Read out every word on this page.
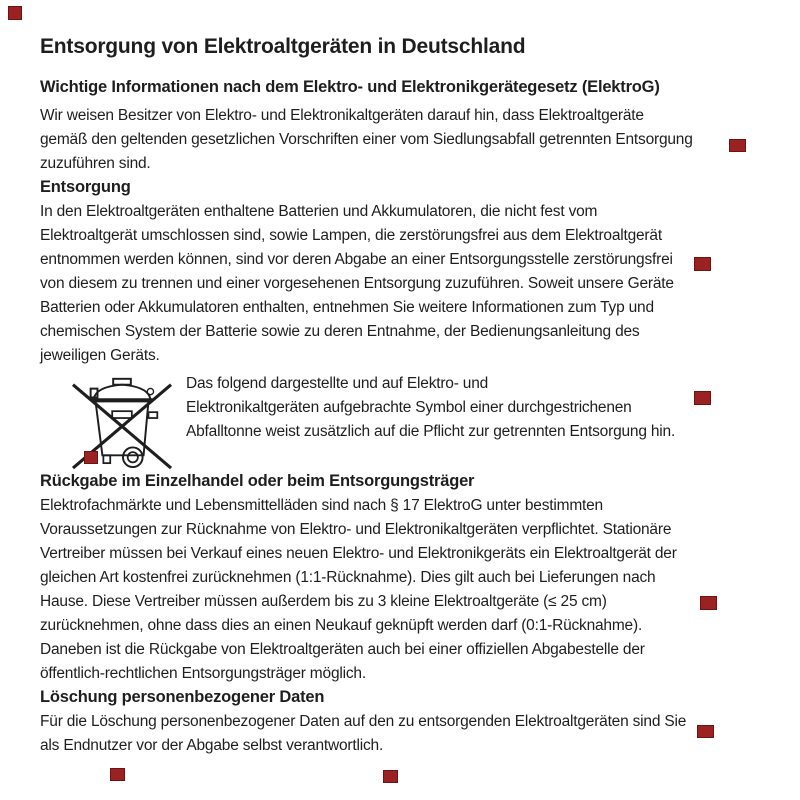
Entsorgung von Elektroaltgeräten in Deutschland
Wichtige Informationen nach dem Elektro- und Elektronikgerätegesetz (ElektroG)

Wir weisen Besitzer von Elektro- und Elektronikaltgeräten darauf hin, dass Elektroaltgeräte
gemäß den geltenden gesetzlichen Vorschriften einer vom Siedlungsabfall getrennten Entsorgung
zuzuführen sind.

Entsorgung

In den Elektroaltgeräten enthaltene Batterien und Akkumulatoren, die nicht fest vom
Elektroaltgerät umschlossen sind, sowie Lampen, die zerstörungsfrei aus dem Elektroaltgerät
entnommen werden können, sind vor deren Abgabe an einer Entsorgungsstelle zerstörungsfrei
von diesem zu trennen und einer vorgesehenen Entsorgung zuzuführen. Soweit unsere Geräte
Batterien oder Akkumulatoren enthalten, entnehmen Sie weitere Informationen zum Typ und
chemischen System der Batterie sowie zu deren Entnahme, der Bedienungsanleitung des
jeweiligen Geräts.

Das folgend dargestellte und auf Elektro- und
Elektronikaltgeräten aufgebrachte Symbol einer durchgestrichenen
Abfalltonne weist zusätzlich auf die Pflicht zur getrennten Entsorgung hin.
Rückgabe im Einzelhandel oder beim Entsorgungsträger

Elektrofachmärkte und Lebensmittelläden sind nach § 17 ElektroG unter bestimmten
Voraussetzungen zur Rücknahme von Elektro- und Elektronikaltgeräten verpflichtet. Stationäre
Vertreiber müssen bei Verkauf eines neuen Elektro- und Elektronikgeräts ein Elektroaltgerät der
gleichen Art kostenfrei zurücknehmen (1:1-Rücknahme). Dies gilt auch bei Lieferungen nach
Hause. Diese Vertreiber müssen außerdem bis zu 3 kleine Elektroaltgeräte (≤ 25 cm)
zurücknehmen, ohne dass dies an einen Neukauf geknüpft werden darf (0:1-Rücknahme).

Daneben ist die Rückgabe von Elektroaltgeräten auch bei einer offiziellen Abgabestelle der
öffentlich-rechtlichen Entsorgungsträger möglich.

Löschung personenbezogener Daten

Für die Löschung personenbezogener Daten auf den zu entsorgenden Elektroaltgeräten sind Sie
als Endnutzer vor der Abgabe selbst verantwortlich.
